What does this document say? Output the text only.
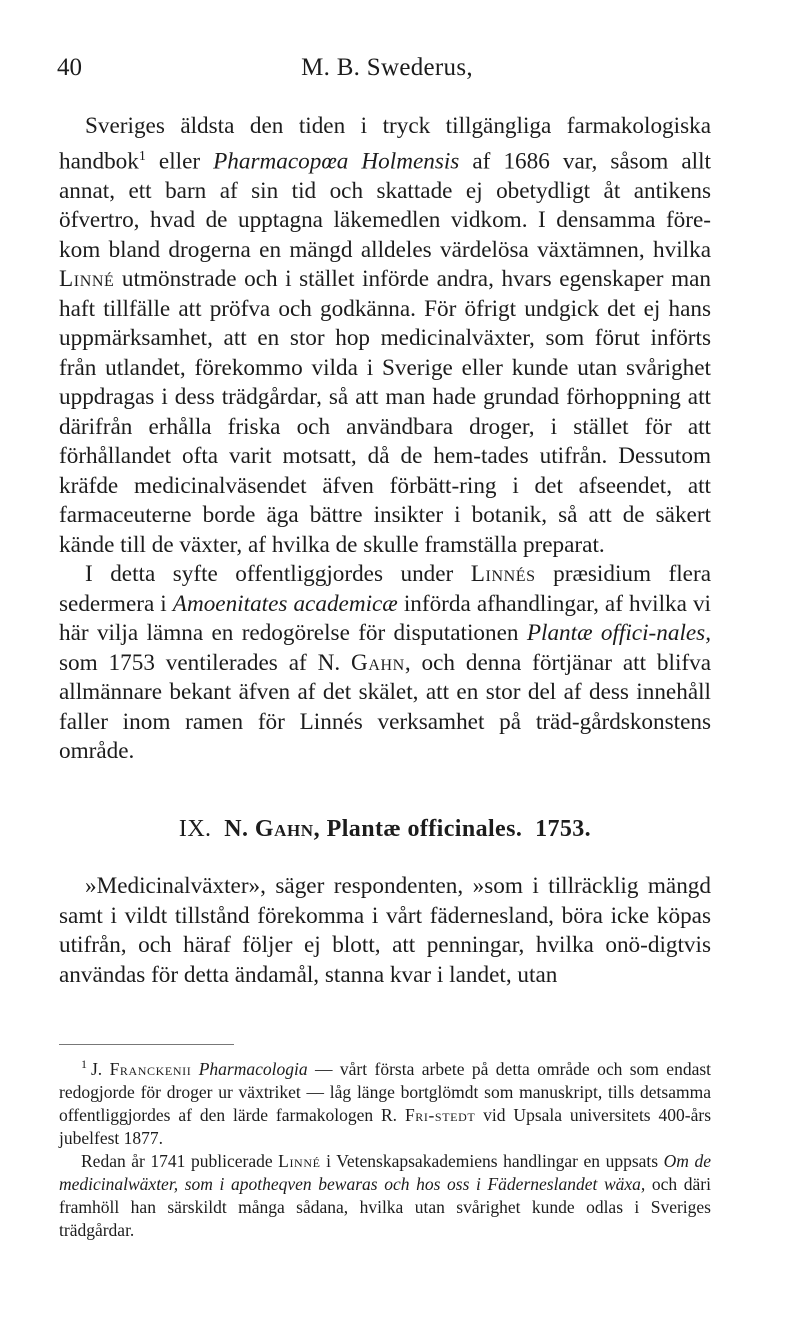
40	M. B. Swederus,

Sveriges äldsta den tiden i tryck tillgängliga farmakologiska handbok$^1$ eller Pharmacopœa Holmensis af 1686 var, såsom allt annat, ett barn af sin tid och skattade ej obetydligt åt antikens öfvertro, hvad de upptagna läkemedlen vidkom. I densamma före-kom bland drogerna en mängd alldeles värdelösa växtämnen, hvilka Linné utmönstrade och i stället införde andra, hvars egenskaper man haft tillfälle att pröfva och godkänna. För öfrigt undgick det ej hans uppmärksamhet, att en stor hop medicinalväxter, som förut införts från utlandet, förekommo vilda i Sverige eller kunde utan svårighet uppdragas i dess trädgårdar, så att man hade grundad förhoppning att därifrån erhålla friska och användbara droger, i stället för att förhållandet ofta varit motsatt, då de hem-tades utifrån. Dessutom kräfde medicinalväsendet äfven förbätt-ring i det afseendet, att farmaceuterne borde äga bättre insikter i botanik, så att de säkert kände till de växter, af hvilka de skulle framställa preparat.

I detta syfte offentliggjordes under Linnés præsidium flera sedermera i Amoenitates academicæ införda afhandlingar, af hvilka vi här vilja lämna en redogörelse för disputationen Plantæ offici-nales, som 1753 ventilerades af N. Gahn, och denna förtjänar att blifva allmännare bekant äfven af det skälet, att en stor del af dess innehåll faller inom ramen för Linnés verksamhet på träd-gårdskonstens område.

IX. N. Gahn, Plantæ officinales. 1753.

»Medicinalväxter», säger respondenten, »som i tillräcklig mängd samt i vildt tillstånd förekomma i vårt fädernesland, böra icke köpas utifrån, och häraf följer ej blott, att penningar, hvilka onö-digtvis användas för detta ändamål, stanna kvar i landet, utan

$^1$ J. Franckenii Pharmacologia — vårt första arbete på detta område och som endast redogjorde för droger ur växtriket — låg länge bortglömdt som manuskript, tills detsamma offentliggjordes af den lärde farmakologen R. Fri-stedt vid Upsala universitets 400-års jubelfest 1877.

Redan år 1741 publicerade Linné i Vetenskapsakademiens handlingar en uppsats Om de medicinalwäxter, som i apotheqven bewaras och hos oss i Fäderneslandet wäxa, och däri framhöll han särskildt många sådana, hvilka utan svårighet kunde odlas i Sveriges trädgårdar.
